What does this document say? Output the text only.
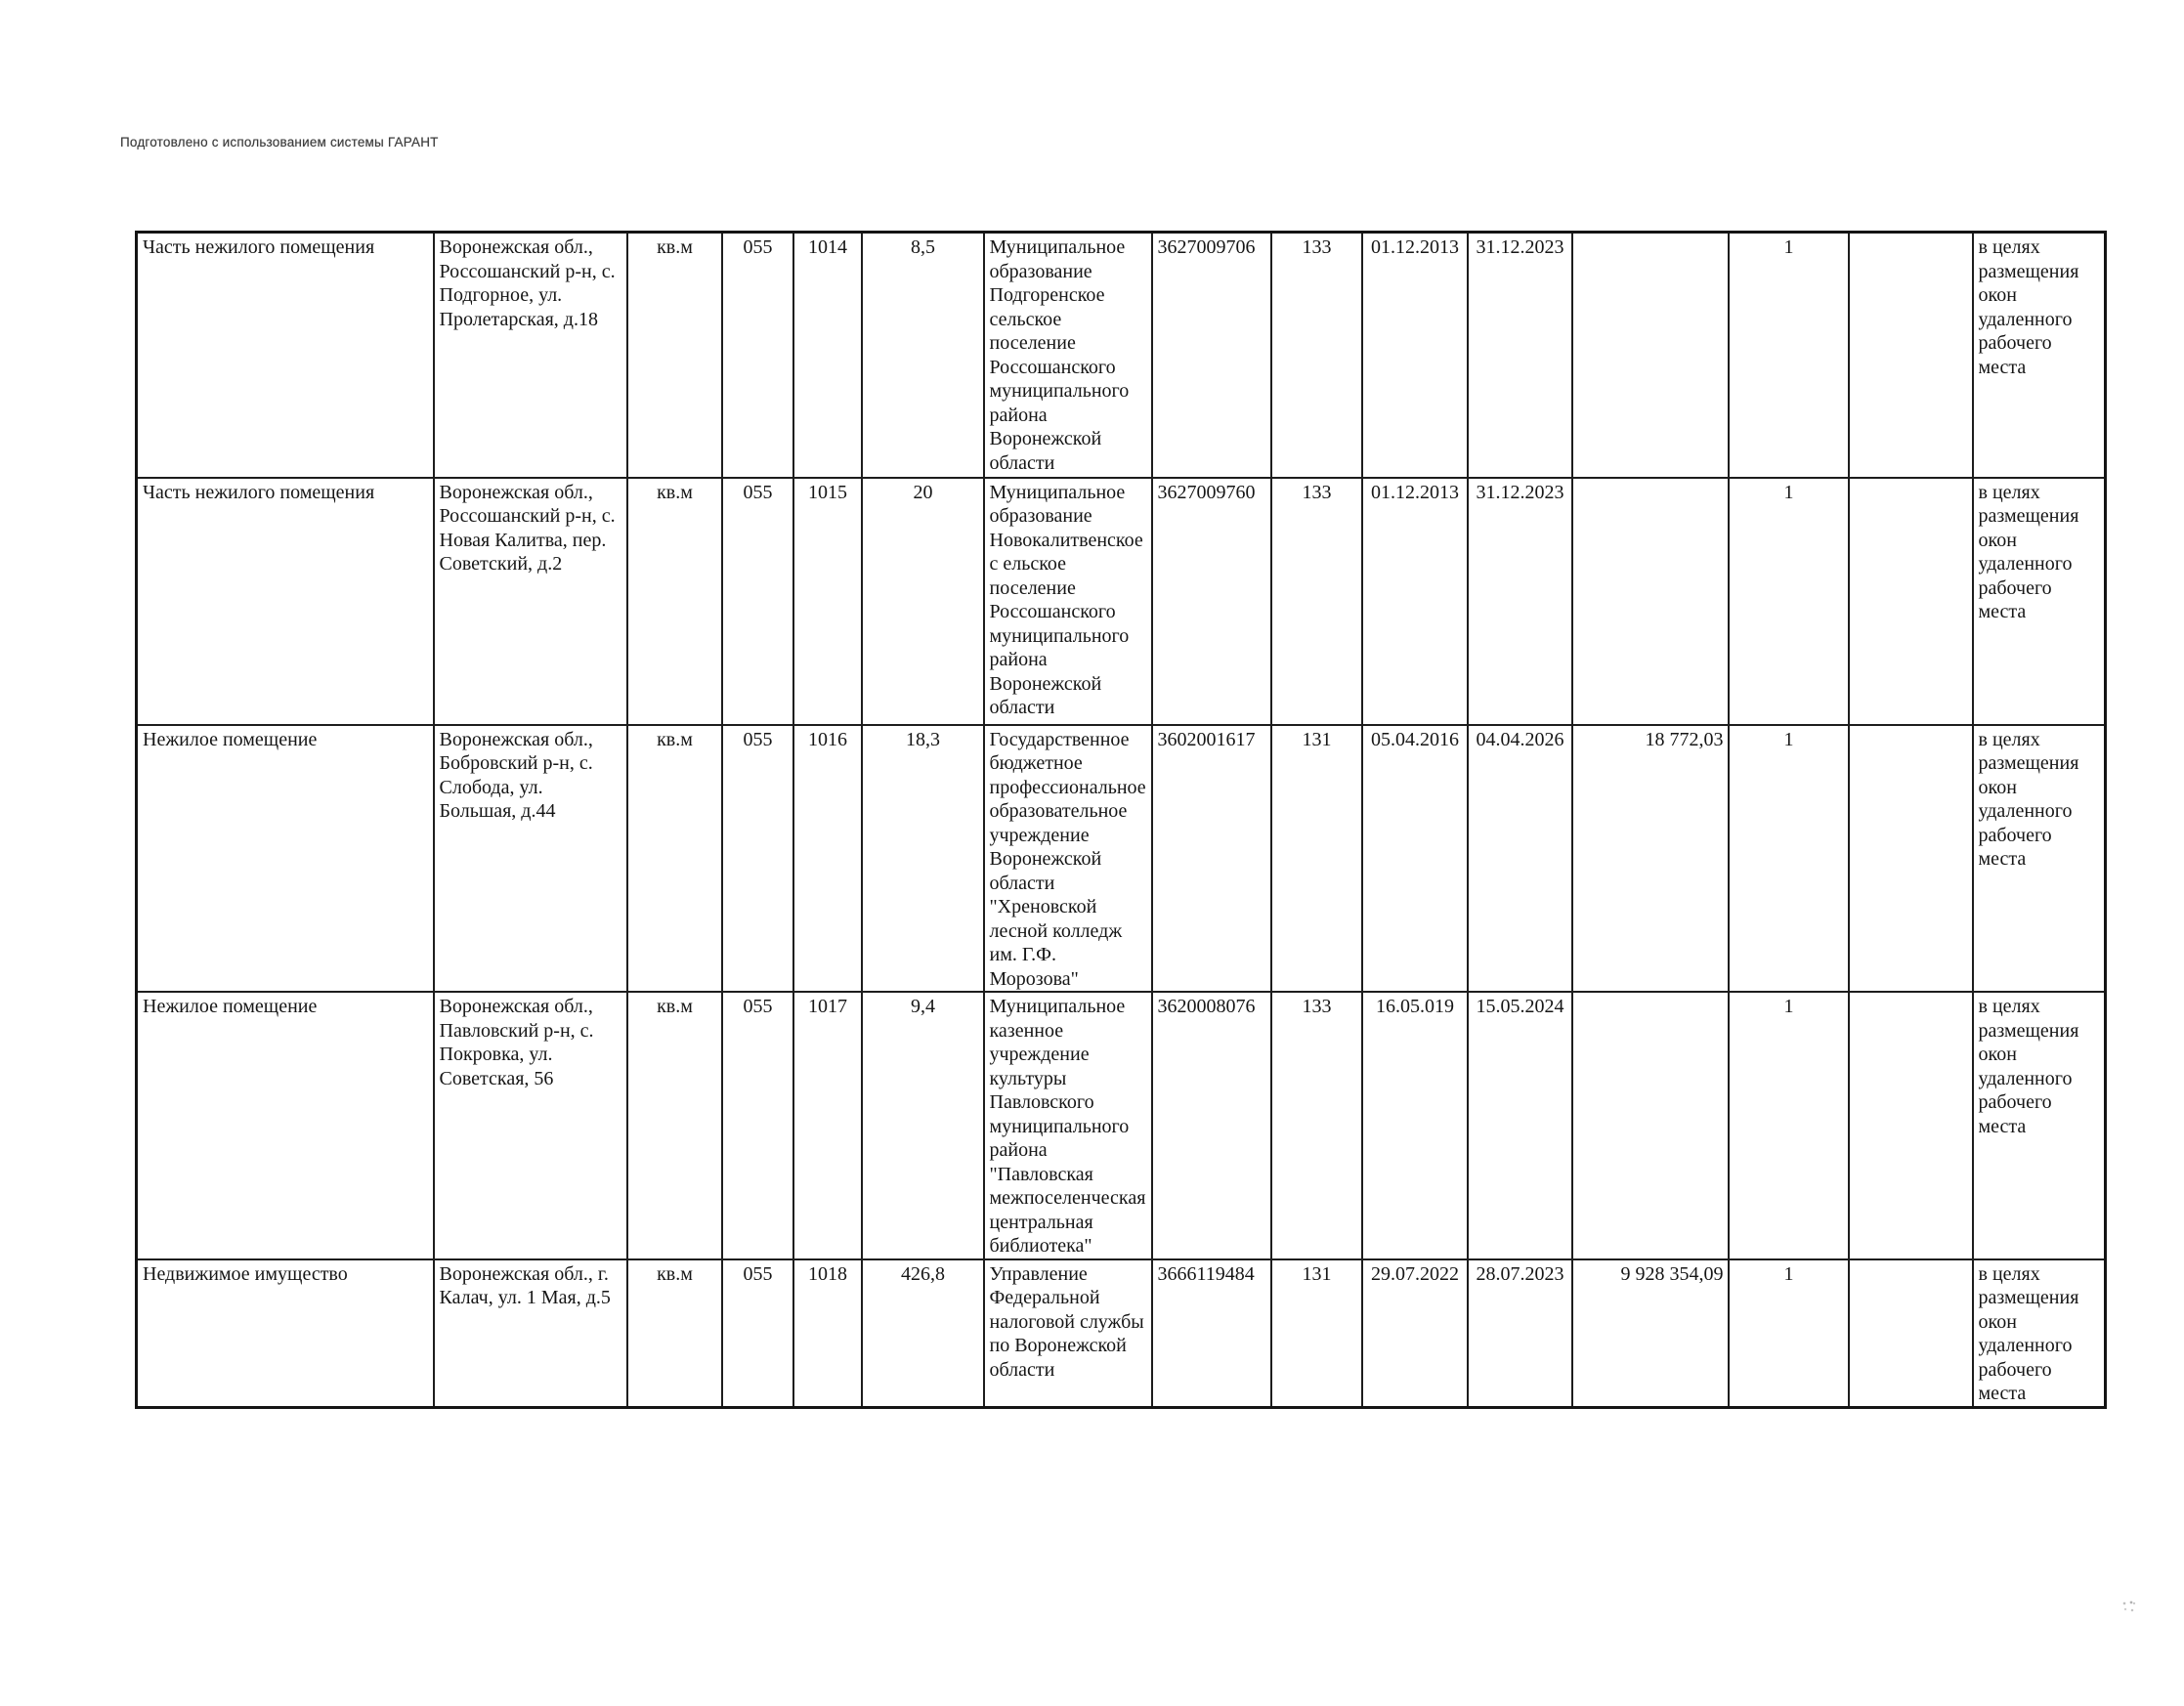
Подготовлено с использованием системы ГАРАНТ
Часть нежилого помещения	Воронежская обл., Россошанский р-н, с. Подгорное, ул. Пролетарская, д.18	кв.м	055	1014	8,5	Муниципальное образование Подгоренское сельское поселение Россошанского муниципального района Воронежской области	3627009706	133	01.12.2013	31.12.2023		1		в целях размещения окон удаленного рабочего места
Часть нежилого помещения	Воронежская обл., Россошанский р-н, с. Новая Калитва, пер. Советский, д.2	кв.м	055	1015	20	Муниципальное образование Новокалитвенскоес ельское поселение Россошанского муниципального района Воронежской области	3627009760	133	01.12.2013	31.12.2023		1		в целях размещения окон удаленного рабочего места
Нежилое помещение	Воронежская обл., Бобровский р-н, с. Слобода, ул. Большая, д.44	кв.м	055	1016	18,3	Государственное бюджетное профессиональное образовательное учреждение Воронежской области "Хреновской лесной колледж им. Г.Ф. Морозова"	3602001617	131	05.04.2016	04.04.2026	18 772,03	1		в целях размещения окон удаленного рабочего места
Нежилое помещение	Воронежская обл., Павловский р-н, с. Покровка, ул. Советская, 56	кв.м	055	1017	9,4	Муниципальное казенное учреждение культуры Павловского муниципального района "Павловская межпоселенческая центральная библиотека"	3620008076	133	16.05.019	15.05.2024		1		в целях размещения окон удаленного рабочего места
Недвижимое имущество	Воронежская обл., г. Калач, ул. 1 Мая, д.5	кв.м	055	1018	426,8	Управление Федеральной налоговой службы по Воронежской области	3666119484	131	29.07.2022	28.07.2023	9 928 354,09	1		в целях размещения окон удаленного рабочего места
